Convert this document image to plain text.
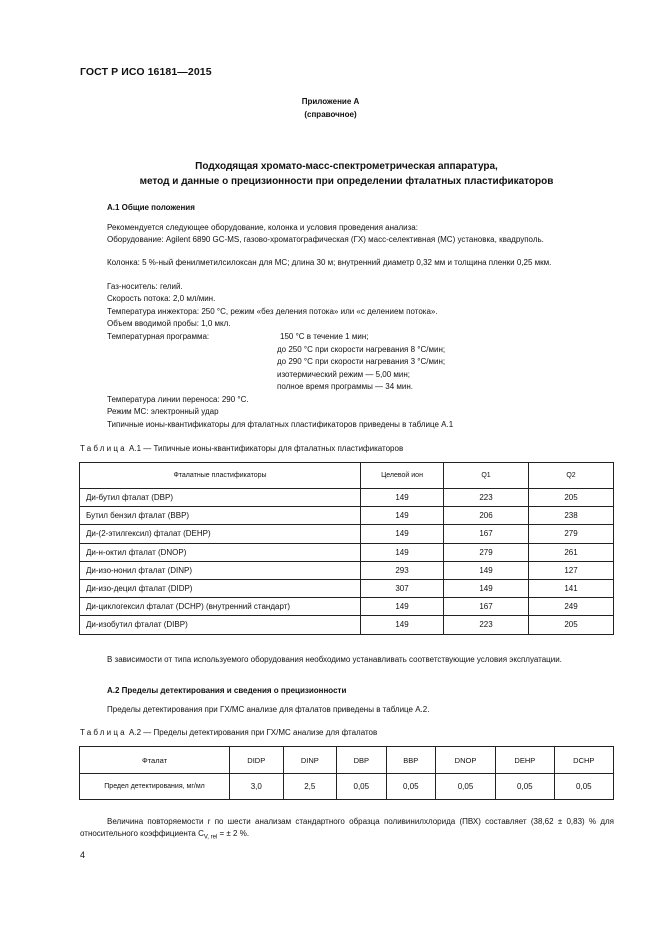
ГОСТ Р ИСО 16181—2015
Приложение А
(справочное)
Подходящая хромато-масс-спектрометрическая аппаратура,
метод и данные о прецизионности при определении фталатных пластификаторов
А.1 Общие положения
Рекомендуется следующее оборудование, колонка и условия проведения анализа:
Оборудование: Agilent 6890 GC-MS, газово-хроматографическая (ГХ) масс-селективная (МС) установка, квадруполь.
Колонка: 5 %-ный фенилметилсилоксан для МС; длина 30 м; внутренний диаметр 0,32 мм и толщина пленки 0,25 мкм.
Газ-носитель: гелий.
Скорость потока: 2,0 мл/мин.
Температура инжектора: 250 °С, режим «без деления потока» или «с делением потока».
Объем вводимой пробы: 1,0 мкл.
Температурная программа:	150 °С в течение 1 мин;
до 250 °С при скорости нагревания 8 °С/мин;
до 290 °С при скорости нагревания 3 °С/мин;
изотермический режим — 5,00 мин;
полное время программы — 34 мин.
Температура линии переноса: 290 °С.
Режим МС: электронный удар
Типичные ионы-квантификаторы для фталатных пластификаторов приведены в таблице А.1
Таблица А.1 — Типичные ионы-квантификаторы для фталатных пластификаторов
Фталатные пластификаторы	Целевой ион	Q1	Q2
Ди-бутил фталат (DBP)	149	223	205
Бутил бензил фталат (BBP)	149	206	238
Ди-(2-этилгексил) фталат (DEHP)	149	167	279
Ди-н-октил фталат (DNOP)	149	279	261
Ди-изо-нонил фталат (DINP)	293	149	127
Ди-изо-децил фталат (DIDP)	307	149	141
Ди-циклогексил фталат (DCHP) (внутренний стандарт)	149	167	249
Ди-изобутил фталат (DIBP)	149	223	205
В зависимости от типа используемого оборудования необходимо устанавливать соответствующие условия эксплуатации.
А.2 Пределы детектирования и сведения о прецизионности
Пределы детектирования при ГХ/МС анализе для фталатов приведены в таблице А.2.
Таблица А.2 — Пределы детектирования при ГХ/МС анализе для фталатов
Фталат	DIDP	DINP	DBP	BBP	DNOP	DEHP	DCHP
Предел детектирования, мг/мл	3,0	2,5	0,05	0,05	0,05	0,05	0,05
Величина повторяемости r по шести анализам стандартного образца поливинилхлорида (ПВХ) составляет (38,62 ± 0,83) % для относительного коэффициента $C_{V, rel}$ = ± 2 %.
4
